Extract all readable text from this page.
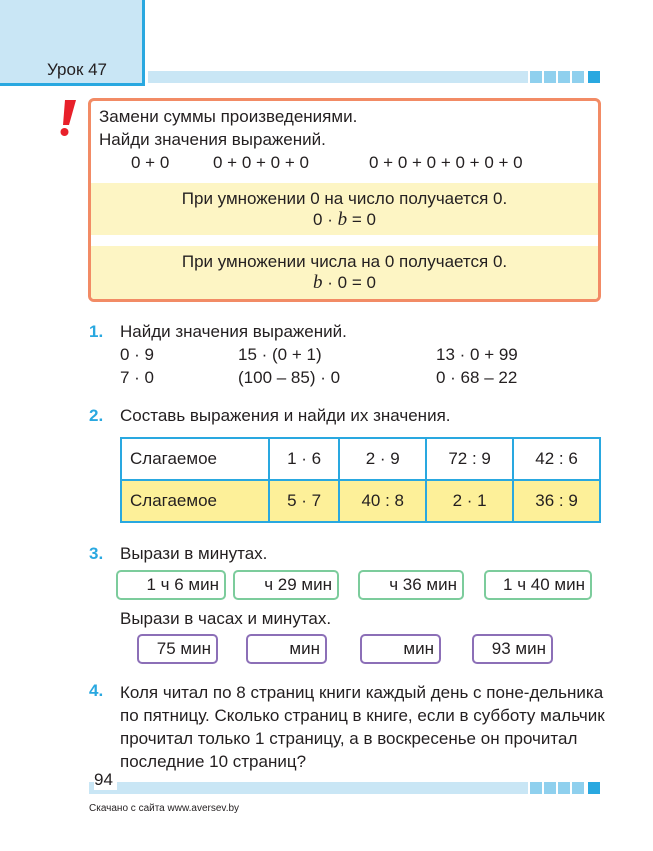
Урок 47
Замени суммы произведениями.
Найди значения выражений.
0 + 0	0 + 0 + 0 + 0	0 + 0 + 0 + 0 + 0 + 0
При умножении 0 на число получается 0.
0 · b = 0
При умножении числа на 0 получается 0.
b · 0 = 0
1. Найди значения выражений.
0 · 9	15 · (0 + 1)	13 · 0 + 99
7 · 0	(100 – 85) · 0	0 · 68 – 22
2. Составь выражения и найди их значения.
Слагаемое	1 · 6	2 · 9	72 : 9	42 : 6
Слагаемое	5 · 7	40 : 8	2 · 1	36 : 9
3. Вырази в минутах.
1 ч 6 мин	ч 29 мин	ч 36 мин	1 ч 40 мин
Вырази в часах и минутах.
75 мин	мин	мин	93 мин
4. Коля читал по 8 страниц книги каждый день с поне-дельника по пятницу. Сколько страниц в книге, если в субботу мальчик прочитал только 1 страницу, а в воскресенье он прочитал последние 10 страниц?
94
Скачано с сайта www.aversev.by
